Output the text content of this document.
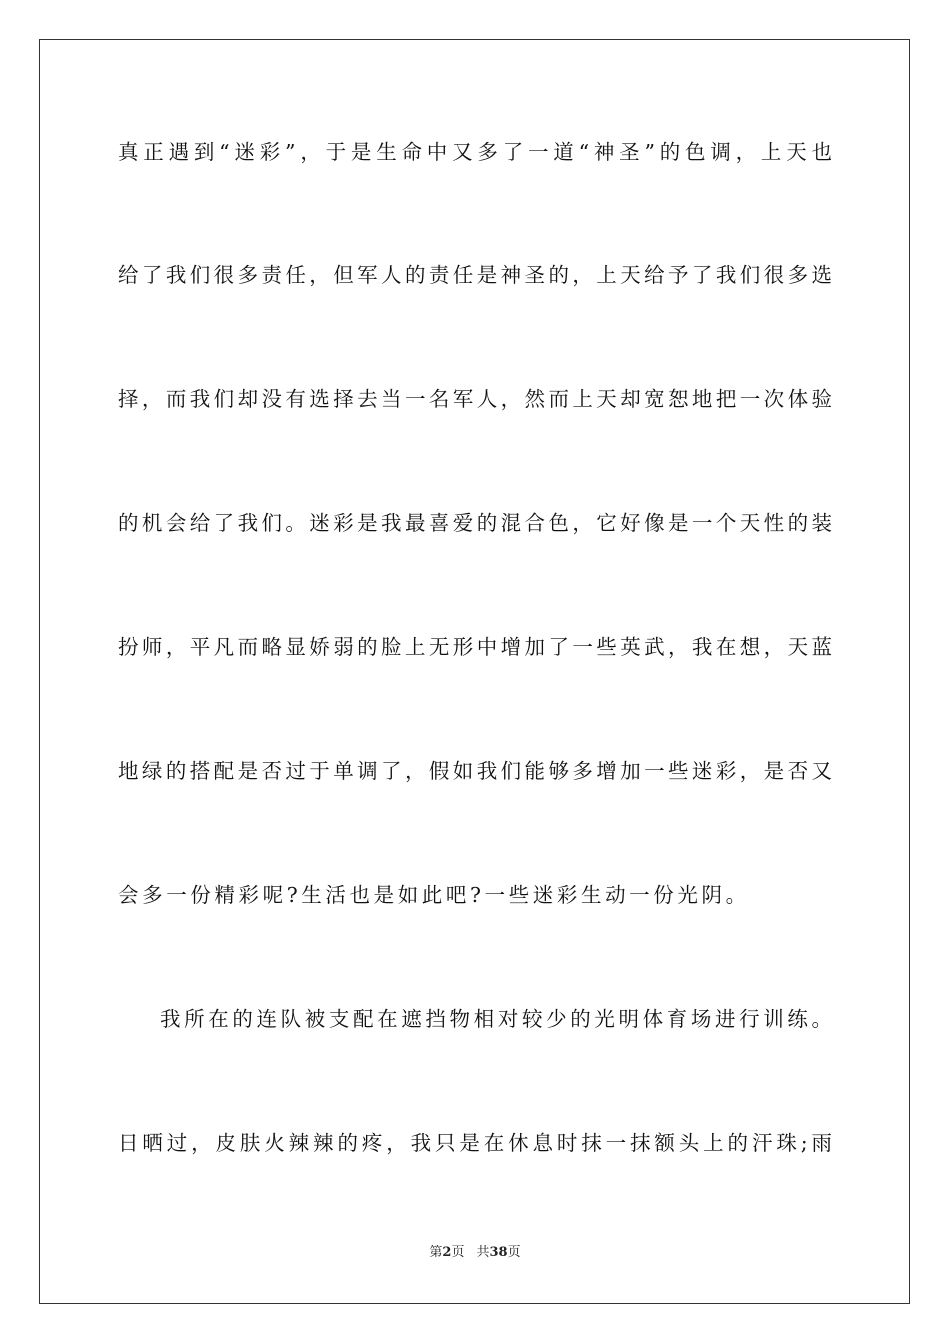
真正遇到“迷彩”，于是生命中又多了一道“神圣”的色调，上天也
给了我们很多责任，但军人的责任是神圣的，上天给予了我们很多选
择，而我们却没有选择去当一名军人，然而上天却宽恕地把一次体验
的机会给了我们。迷彩是我最喜爱的混合色，它好像是一个天性的装
扮师，平凡而略显娇弱的脸上无形中增加了一些英武，我在想，天蓝
地绿的搭配是否过于单调了，假如我们能够多增加一些迷彩，是否又
会多一份精彩呢?生活也是如此吧?一些迷彩生动一份光阴。
我所在的连队被支配在遮挡物相对较少的光明体育场进行训练。
日晒过，皮肤火辣辣的疼，我只是在休息时抹一抹额头上的汗珠;雨
第2页 共38页
